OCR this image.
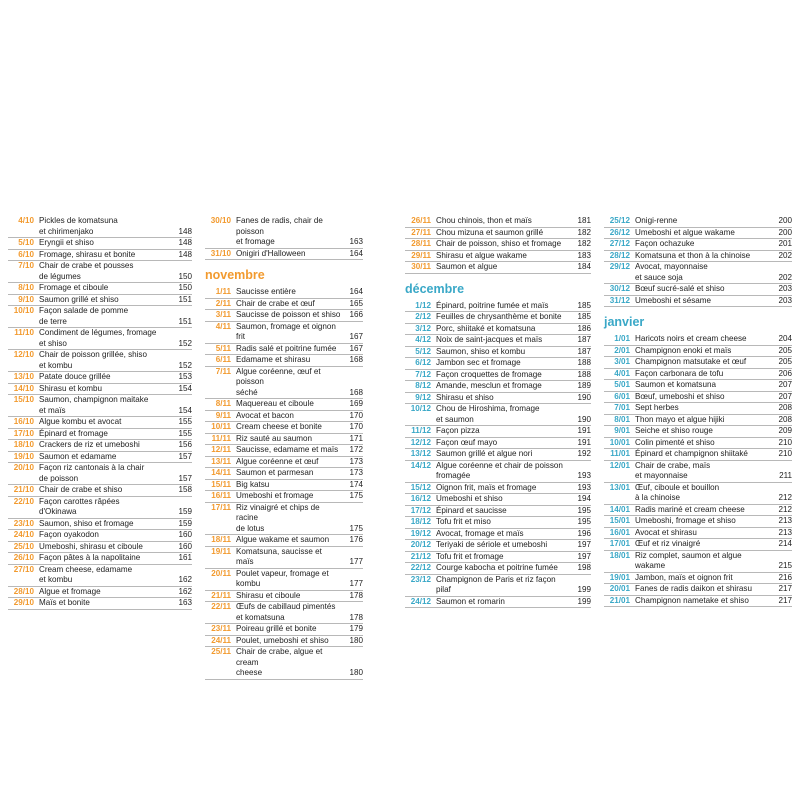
4/10 Pickles de komatsuna
et chirimenjako	148
5/10 Eryngii et shiso	148
6/10 Fromage, shirasu et bonite	148
7/10 Chair de crabe et pousses
de légumes	150
8/10 Fromage et ciboule	150
9/10 Saumon grillé et shiso	151
10/10 Façon salade de pomme
de terre	151
11/10 Condiment de légumes, fromage
et shiso	152
12/10 Chair de poisson grillée, shiso
et kombu	152
13/10 Patate douce grillée	153
14/10 Shirasu et kombu	154
15/10 Saumon, champignon maitake
et maïs	154
16/10 Algue kombu et avocat	155
17/10 Épinard et fromage	155
18/10 Crackers de riz et umeboshi	156
19/10 Saumon et edamame	157
20/10 Façon riz cantonais à la chair
de poisson	157
21/10 Chair de crabe et shiso	158
22/10 Façon carottes râpées
d'Okinawa	159
23/10 Saumon, shiso et fromage	159
24/10 Façon oyakodon	160
25/10 Umeboshi, shirasu et ciboule	160
26/10 Façon pâtes à la napolitaine	161
27/10 Cream cheese, edamame
et kombu	162
28/10 Algue et fromage	162
29/10 Maïs et bonite	163
30/10 Fanes de radis, chair de poisson
et fromage	163
31/10 Onigiri d'Halloween	164
novembre
1/11 Saucisse entière	164
2/11 Chair de crabe et œuf	165
3/11 Saucisse de poisson et shiso	166
4/11 Saumon, fromage et oignon frit	167
5/11 Radis salé et poitrine fumée	167
6/11 Edamame et shirasu	168
7/11 Algue coréenne, œuf et poisson
séché	168
8/11 Maquereau et ciboule	169
9/11 Avocat et bacon	170
10/11 Cream cheese et bonite	170
11/11 Riz sauté au saumon	171
12/11 Saucisse, edamame et maïs	172
13/11 Algue coréenne et œuf	173
14/11 Saumon et parmesan	173
15/11 Big katsu	174
16/11 Umeboshi et fromage	175
17/11 Riz vinaigré et chips de racine
de lotus	175
18/11 Algue wakame et saumon	176
19/11 Komatsuna, saucisse et maïs	177
20/11 Poulet vapeur, fromage et kombu	177
21/11 Shirasu et ciboule	178
22/11 Œufs de cabillaud pimentés
et komatsuna	178
23/11 Poireau grillé et bonite	179
24/11 Poulet, umeboshi et shiso	180
25/11 Chair de crabe, algue et cream
cheese	180
26/11 Chou chinois, thon et maïs	181
27/11 Chou mizuna et saumon grillé	182
28/11 Chair de poisson, shiso et fromage	182
29/11 Shirasu et algue wakame	183
30/11 Saumon et algue	184
décembre
1/12 Épinard, poitrine fumée et maïs	185
2/12 Feuilles de chrysanthème et bonite	185
3/12 Porc, shiitaké et komatsuna	186
4/12 Noix de saint-jacques et maïs	187
5/12 Saumon, shiso et kombu	187
6/12 Jambon sec et fromage	188
7/12 Façon croquettes de fromage	188
8/12 Amande, mesclun et fromage	189
9/12 Shirasu et shiso	190
10/12 Chou de Hiroshima, fromage
et saumon	190
11/12 Façon pizza	191
12/12 Façon œuf mayo	191
13/12 Saumon grillé et algue nori	192
14/12 Algue coréenne et chair de poisson
fromagée	193
15/12 Oignon frit, maïs et fromage	193
16/12 Umeboshi et shiso	194
17/12 Épinard et saucisse	195
18/12 Tofu frit et miso	195
19/12 Avocat, fromage et maïs	196
20/12 Teriyaki de sériole et umeboshi	197
21/12 Tofu frit et fromage	197
22/12 Courge kabocha et poitrine fumée	198
23/12 Champignon de Paris et riz façon
pilaf	199
24/12 Saumon et romarin	199
25/12 Onigi-renne	200
26/12 Umeboshi et algue wakame	200
27/12 Façon ochazuke	201
28/12 Komatsuna et thon à la chinoise	202
29/12 Avocat, mayonnaise
et sauce soja	202
30/12 Bœuf sucré-salé et shiso	203
31/12 Umeboshi et sésame	203
janvier
1/01 Haricots noirs et cream cheese	204
2/01 Champignon enoki et maïs	205
3/01 Champignon matsutake et œuf	205
4/01 Façon carbonara de tofu	206
5/01 Saumon et komatsuna	207
6/01 Bœuf, umeboshi et shiso	207
7/01 Sept herbes	208
8/01 Thon mayo et algue hijiki	208
9/01 Seiche et shiso rouge	209
10/01 Colin pimenté et shiso	210
11/01 Épinard et champignon shiitaké	210
12/01 Chair de crabe, maïs
et mayonnaise	211
13/01 Œuf, ciboule et bouillon
à la chinoise	212
14/01 Radis mariné et cream cheese	212
15/01 Umeboshi, fromage et shiso	213
16/01 Avocat et shirasu	213
17/01 Œuf et riz vinaigré	214
18/01 Riz complet, saumon et algue
wakame	215
19/01 Jambon, maïs et oignon frit	216
20/01 Fanes de radis daikon et shirasu	217
21/01 Champignon nametake et shiso	217
